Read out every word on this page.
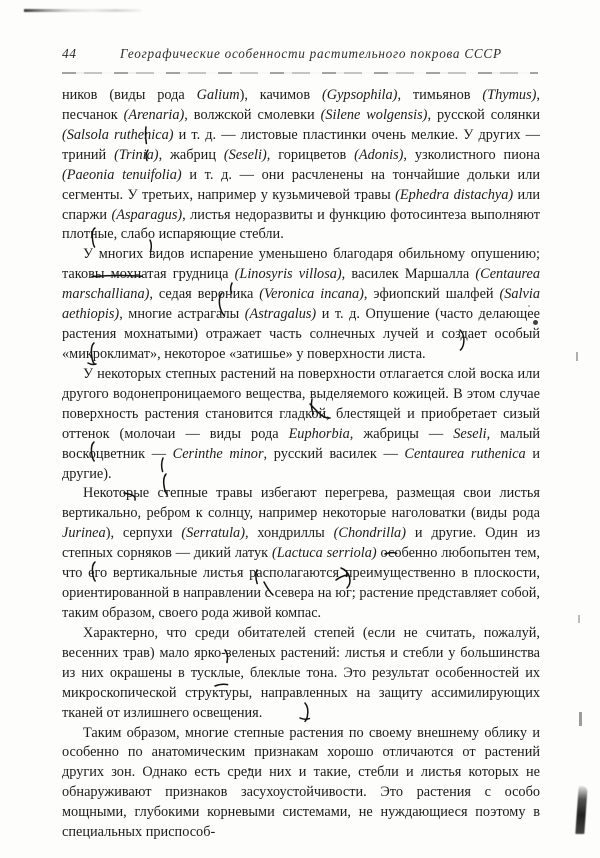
44	Географические особенности растительного покрова СССР

ников (виды рода Galium), качимов (Gypsophila), тимьянов (Thymus), песчанок (Arenaria), волжской смолевки (Silene wolgensis), русской солянки (Salsola ruthenica) и т. д. — листовые пластинки очень мелкие. У других — триний (Trinia), жабриц (Seseli), горицветов (Adonis), узколистного пиона (Paeonia tenuifolia) и т. д. — они расчленены на тончайшие дольки или сегменты. У третьих, например у кузьмичевой травы (Ephedra distachya) или спаржи (Asparagus), листья недоразвиты и функцию фотосинтеза выполняют плотные, слабо испаряющие стебли.

У многих видов испарение уменьшено благодаря обильному опушению; таковы мохнатая грудница (Linosyris villosa), василек Маршалла (Centaurea marschalliana), седая вероника (Veronica incana), эфиопский шалфей (Salvia aethiopis), многие астрагалы (Astragalus) и т. д. Опушение (часто делающее растения мохнатыми) отражает часть солнечных лучей и создает особый «микроклимат», некоторое «затишье» у поверхности листа.

У некоторых степных растений на поверхности отлагается слой воска или другого водонепроницаемого вещества, выделяемого кожицей. В этом случае поверхность растения становится гладкой, блестящей и приобретает сизый оттенок (молочаи — виды рода Euphorbia, жабрицы — Seseli, малый воскоцветник — Cerinthe minor, русский василек — Centaurea ruthenica и другие).

Некоторые степные травы избегают перегрева, размещая свои листья вертикально, ребром к солнцу, например некоторые наголоватки (виды рода Jurinea), серпухи (Serratula), хондриллы (Chondrilla) и другие. Один из степных сорняков — дикий латук (Lactuca serriola) особенно любопытен тем, что его вертикальные листья располагаются преимущественно в плоскости, ориентированной в направлении с севера на юг; растение представляет собой, таким образом, своего рода живой компас.

Характерно, что среди обитателей степей (если не считать, пожалуй, весенних трав) мало ярко-зеленых растений: листья и стебли у большинства из них окрашены в тусклые, блеклые тона. Это результат особенностей их микроскопической структуры, направленных на защиту ассимилирующих тканей от излишнего освещения.

Таким образом, многие степные растения по своему внешнему облику и особенно по анатомическим признакам хорошо отличаются от растений других зон. Однако есть среди них и такие, стебли и листья которых не обнаруживают признаков засухоустойчивости. Это растения с особо мощными, глубокими корневыми системами, не нуждающиеся поэтому в специальных приспособ-
